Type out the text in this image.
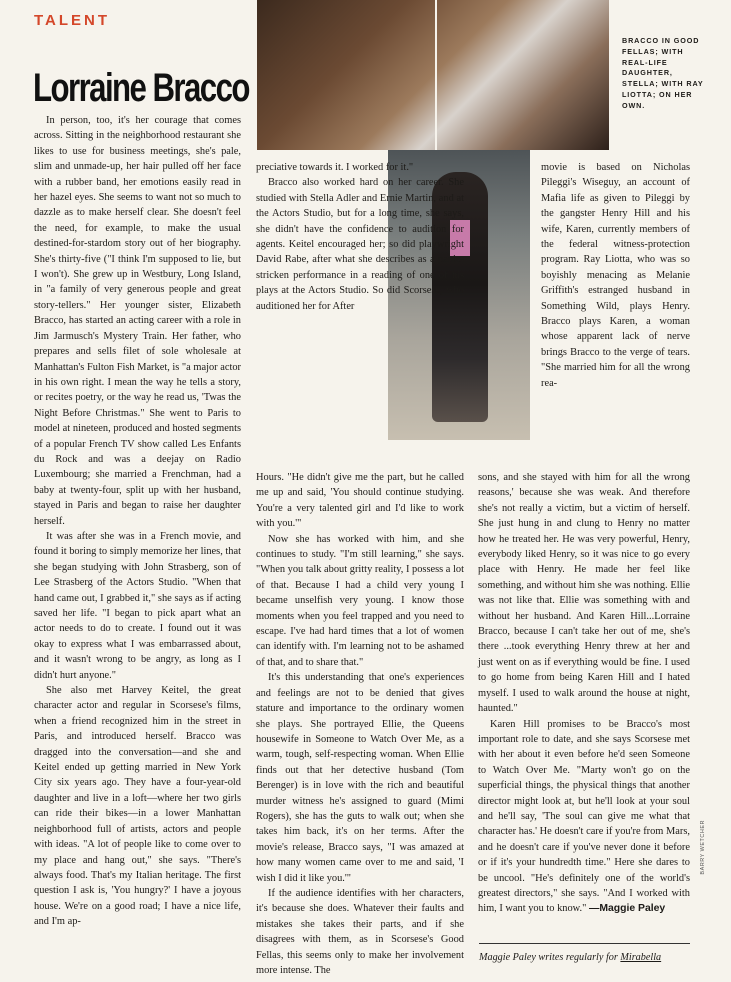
TALENT
Lorraine Bracco

In person, too, it's her courage that comes across. Sitting in the neighborhood restaurant she likes to use for business meetings, she's pale, slim and unmade-up, her hair pulled off her face with a rubber band, her emotions easily read in her hazel eyes. She seems to want not so much to dazzle as to make herself clear. She doesn't feel the need, for example, to make the usual destined-for-stardom story out of her biography. She's thirty-five ("I think I'm supposed to lie, but I won't). She grew up in Westbury, Long Island, in "a family of very generous people and great story-tellers." Her younger sister, Elizabeth Bracco, has started an acting career with a role in Jim Jarmusch's Mystery Train. Her father, who prepares and sells filet of sole wholesale at Manhattan's Fulton Fish Market, is "a major actor in his own right. I mean the way he tells a story, or recites poetry, or the way he read us, 'Twas the Night Before Christmas." She went to Paris to model at nineteen, produced and hosted segments of a popular French TV show called Les Enfants du Rock and was a deejay on Radio Luxembourg; she married a Frenchman, had a baby at twenty-four, split up with her husband, stayed in Paris and began to raise her daughter herself.

It was after she was in a French movie, and found it boring to simply memorize her lines, that she began studying with John Strasberg, son of Lee Strasberg of the Actors Studio. "When that hand came out, I grabbed it," she says as if acting saved her life. "I began to pick apart what an actor needs to do to create. I found out it was okay to express what I was embarrassed about, and it wasn't wrong to be angry, as long as I didn't hurt anyone."

She also met Harvey Keitel, the great character actor and regular in Scorsese's films, when a friend recognized him in the street in Paris, and introduced herself. Bracco was dragged into the conversation—and she and Keitel ended up getting married in New York City six years ago. They have a four-year-old daughter and live in a loft—where her two girls can ride their bikes—in a lower Manhattan neighborhood full of artists, actors and people with ideas. "A lot of people like to come over to my place and hang out," she says. "There's always food. That's my Italian heritage. The first question I ask is, 'You hungry?' I have a joyous house. We're on a good road; I have a nice life, and I'm ap-

BRACCO IN GOOD FELLAS; WITH REAL-LIFE DAUGHTER, STELLA; WITH RAY LIOTTA; ON HER OWN.

preciative towards it. I worked for it."

Bracco also worked hard on her career. She studied with Stella Adler and Ernie Martin, and at the Actors Studio, but for a long time, she says, she didn't have the confidence to audition for agents. Keitel encouraged her; so did playwright David Rabe, after what she describes as a panic-stricken performance in a reading of one of his plays at the Actors Studio. So did Scorsese, who auditioned her for After

Hours. "He didn't give me the part, but he called me up and said, 'You should continue studying. You're a very talented girl and I'd like to work with you.'"

Now she has worked with him, and she continues to study. "I'm still learning," she says. "When you talk about gritty reality, I possess a lot of that. Because I had a child very young I became unselfish very young. I know those moments when you feel trapped and you need to escape. I've had hard times that a lot of women can identify with. I'm learning not to be ashamed of that, and to share that."

It's this understanding that one's experiences and feelings are not to be denied that gives stature and importance to the ordinary women she plays. She portrayed Ellie, the Queens housewife in Someone to Watch Over Me, as a warm, tough, self-respecting woman. When Ellie finds out that her detective husband (Tom Berenger) is in love with the rich and beautiful murder witness he's assigned to guard (Mimi Rogers), she has the guts to walk out; when she takes him back, it's on her terms. After the movie's release, Bracco says, "I was amazed at how many women came over to me and said, 'I wish I did it like you.'"

If the audience identifies with her characters, it's because she does. Whatever their faults and mistakes she takes their parts, and if she disagrees with them, as in Scorsese's Good Fellas, this seems only to make her involvement more intense. The

movie is based on Nicholas Pileggi's Wiseguy, an account of Mafia life as given to Pileggi by the gangster Henry Hill and his wife, Karen, currently members of the federal witness-protection program. Ray Liotta, who was so boyishly menacing as Melanie Griffith's estranged husband in Something Wild, plays Henry. Bracco plays Karen, a woman whose apparent lack of nerve brings Bracco to the verge of tears. "She married him for all the wrong rea-

sons, and she stayed with him for all the wrong reasons,' because she was weak. And therefore she's not really a victim, but a victim of herself. She just hung in and clung to Henry no matter how he treated her. He was very powerful, Henry, everybody liked Henry, so it was nice to go every place with Henry. He made her feel like something, and without him she was nothing. Ellie was not like that. Ellie was something with and without her husband. And Karen Hill...Lorraine Bracco, because I can't take her out of me, she's there ...took everything Henry threw at her and just went on as if everything would be fine. I used to go home from being Karen Hill and I hated myself. I used to walk around the house at night, haunted."

Karen Hill promises to be Bracco's most important role to date, and she says Scorsese met with her about it even before he'd seen Someone to Watch Over Me. "Marty won't go on the superficial things, the physical things that another director might look at, but he'll look at your soul and he'll say, 'The soul can give me what that character has.' He doesn't care if you're from Mars, and he doesn't care if you've never done it before or if it's your hundredth time." Here she dares to be uncool. "He's definitely one of the world's greatest directors," she says. "And I worked with him, I want you to know." —Maggie Paley

BARRY WETCHER
Maggie Paley writes regularly for Mirabella
